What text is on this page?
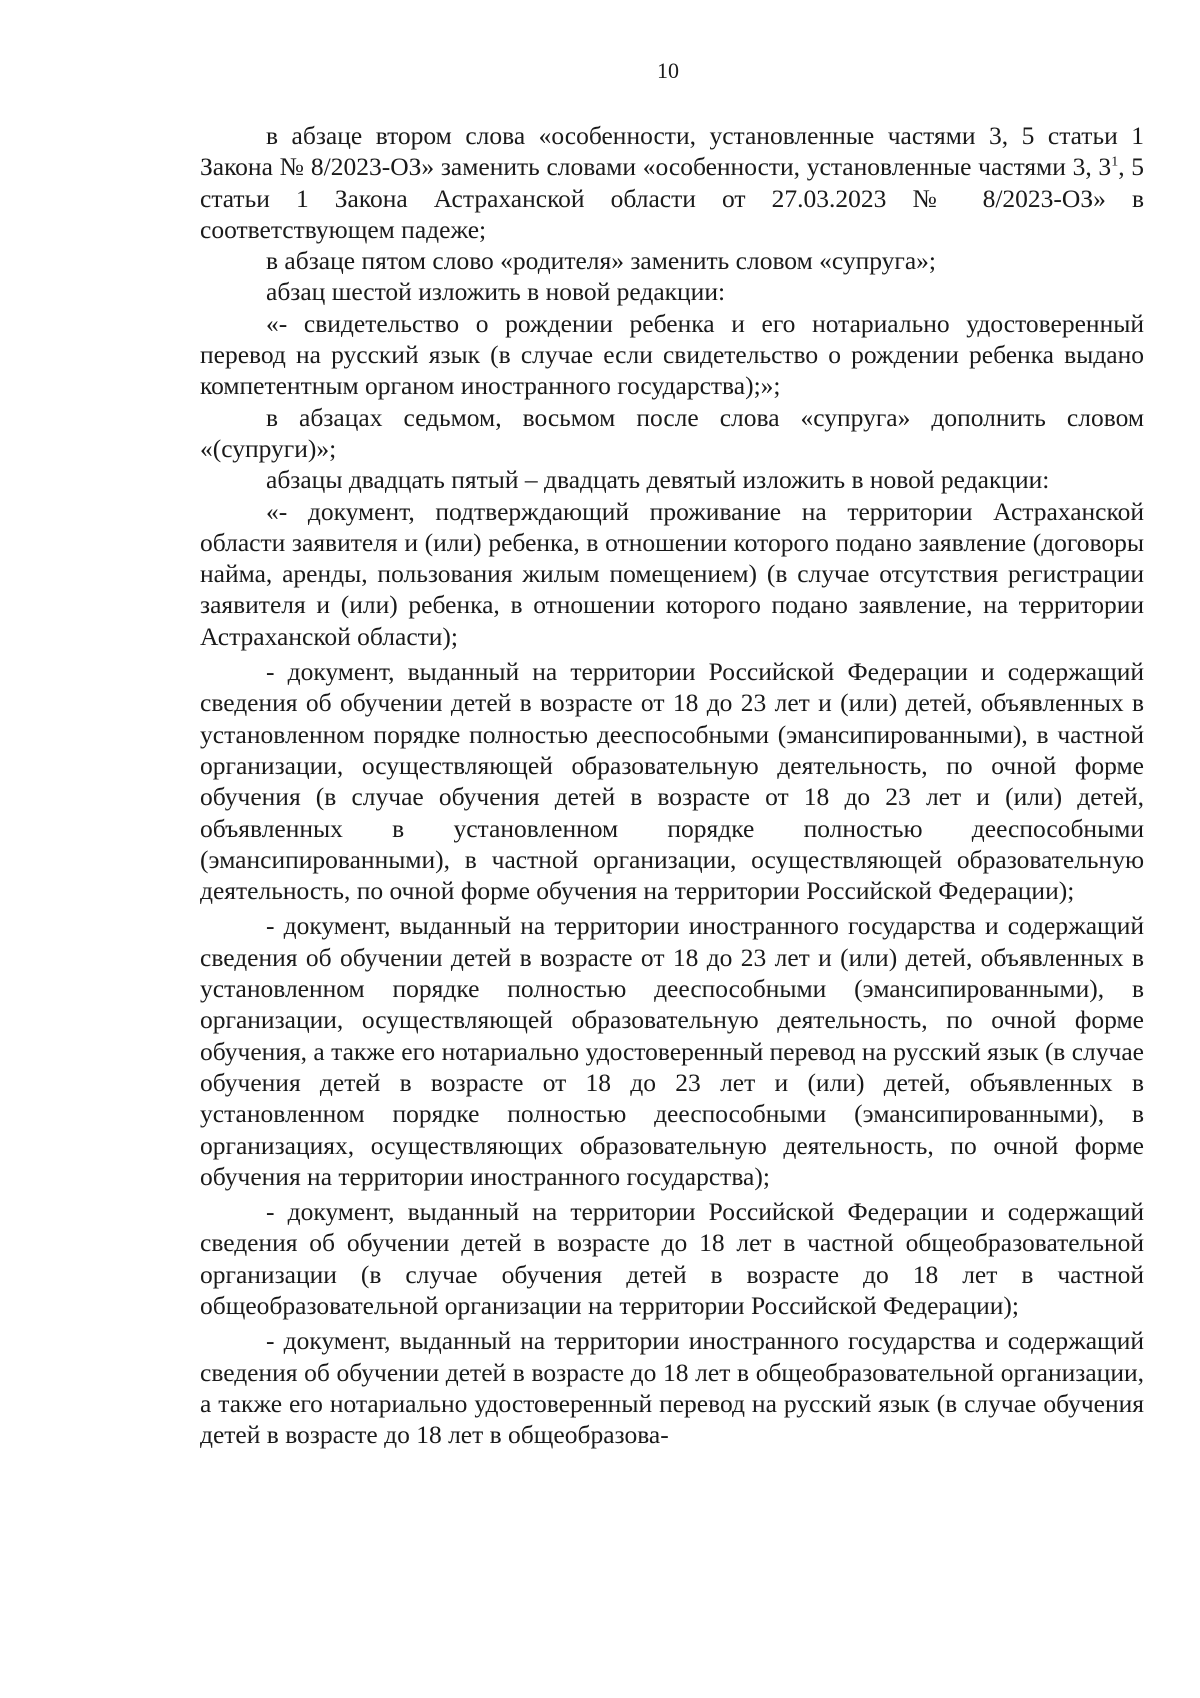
10

в абзаце втором слова «особенности, установленные частями 3, 5 статьи 1 Закона № 8/2023-ОЗ» заменить словами «особенности, установленные частями 3, $3^1$, 5 статьи 1 Закона Астраханской области от 27.03.2023 № 8/2023-ОЗ» в соответствующем падеже;

в абзаце пятом слово «родителя» заменить словом «супруга»;

абзац шестой изложить в новой редакции:

«- свидетельство о рождении ребенка и его нотариально удостоверенный перевод на русский язык (в случае если свидетельство о рождении ребенка выдано компетентным органом иностранного государства);»;

в абзацах седьмом, восьмом после слова «супруга» дополнить словом «(супруги)»;

абзацы двадцать пятый – двадцать девятый изложить в новой редакции:

«- документ, подтверждающий проживание на территории Астраханской области заявителя и (или) ребенка, в отношении которого подано заявление (договоры найма, аренды, пользования жилым помещением) (в случае отсутствия регистрации заявителя и (или) ребенка, в отношении которого подано заявление, на территории Астраханской области);

- документ, выданный на территории Российской Федерации и содержащий сведения об обучении детей в возрасте от 18 до 23 лет и (или) детей, объявленных в установленном порядке полностью дееспособными (эмансипированными), в частной организации, осуществляющей образовательную деятельность, по очной форме обучения (в случае обучения детей в возрасте от 18 до 23 лет и (или) детей, объявленных в установленном порядке полностью дееспособными (эмансипированными), в частной организации, осуществляющей образовательную деятельность, по очной форме обучения на территории Российской Федерации);

- документ, выданный на территории иностранного государства и содержащий сведения об обучении детей в возрасте от 18 до 23 лет и (или) детей, объявленных в установленном порядке полностью дееспособными (эмансипированными), в организации, осуществляющей образовательную деятельность, по очной форме обучения, а также его нотариально удостоверенный перевод на русский язык (в случае обучения детей в возрасте от 18 до 23 лет и (или) детей, объявленных в установленном порядке полностью дееспособными (эмансипированными), в организациях, осуществляющих образовательную деятельность, по очной форме обучения на территории иностранного государства);

- документ, выданный на территории Российской Федерации и содержащий сведения об обучении детей в возрасте до 18 лет в частной общеобразовательной организации (в случае обучения детей в возрасте до 18 лет в частной общеобразовательной организации на территории Российской Федерации);

- документ, выданный на территории иностранного государства и содержащий сведения об обучении детей в возрасте до 18 лет в общеобразовательной организации, а также его нотариально удостоверенный перевод на русский язык (в случае обучения детей в возрасте до 18 лет в общеобразова-
